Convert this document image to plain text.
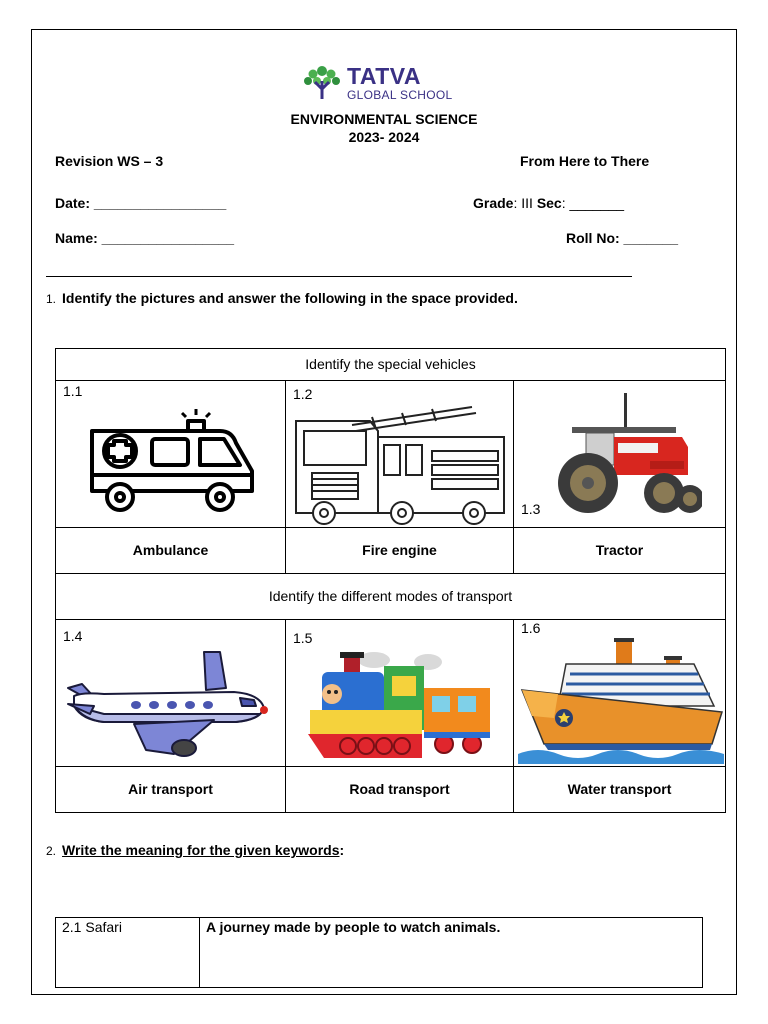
TATVA
GLOBAL SCHOOL
ENVIRONMENTAL SCIENCE
2023- 2024
Revision WS – 3	From Here to There
Date: _________________	Grade: III Sec: _______
Name: _________________	Roll No: _______
1. Identify the pictures and answer the following in the space provided.
Identify the special vehicles		

1.1	1.2	1.3

Ambulance	Fire engine	Tractor
Identify the different modes of transport		

1.4	1.5	1.6

Air transport	Road transport	Water transport
2. Write the meaning for the given keywords:
2.1 Safari	A journey made by people to watch animals.
